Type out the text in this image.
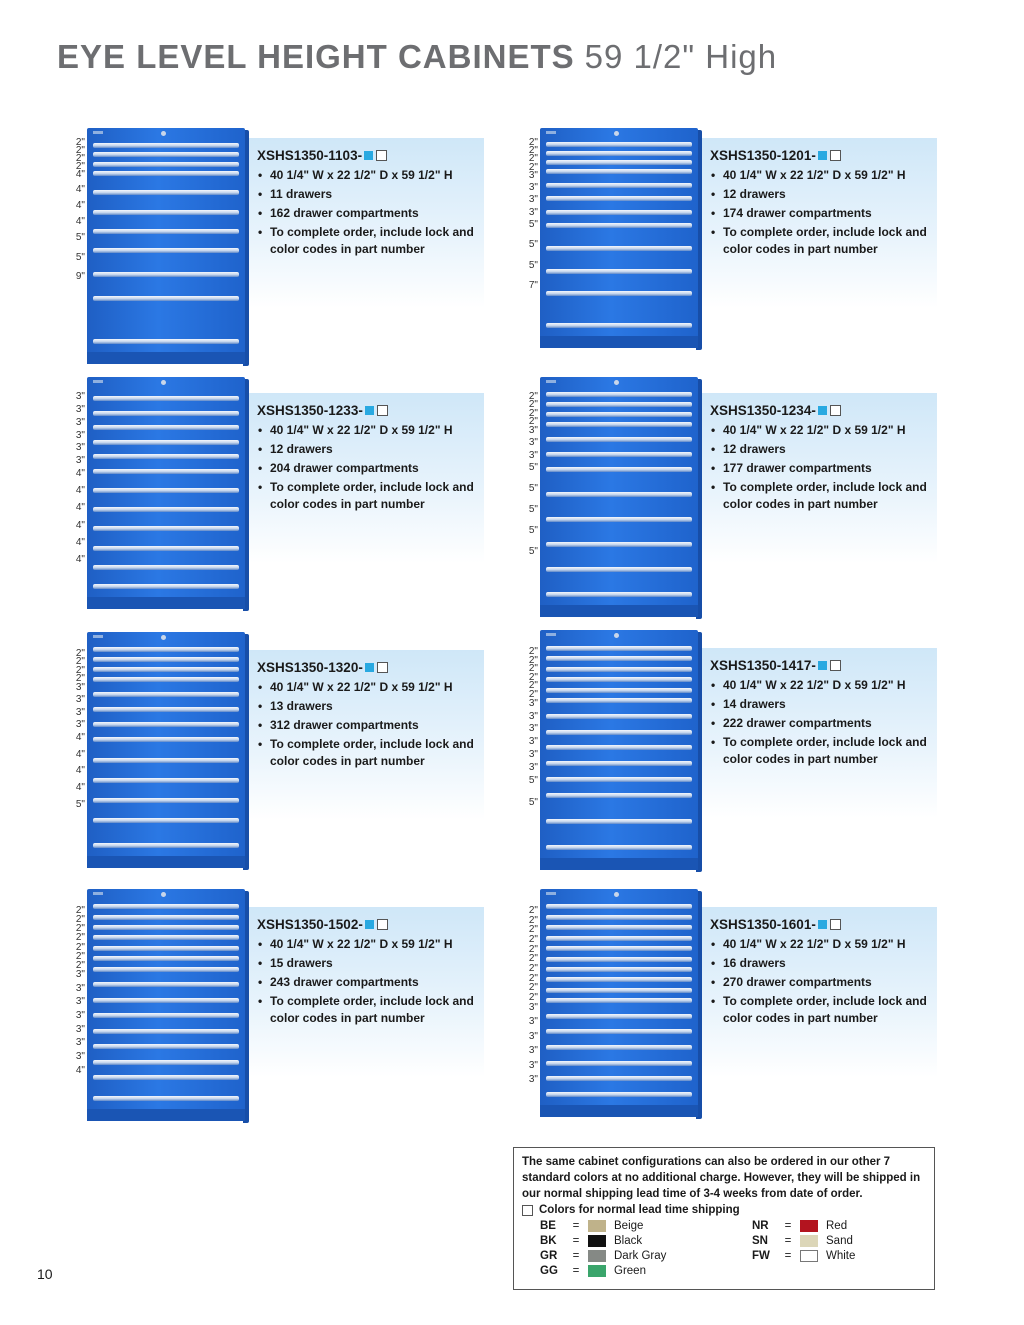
EYE LEVEL HEIGHT CABINETS 59 1/2" High
2"
2"
2"
2"
4"
4"
4"
4"
5"
5"
9"
XSHS1350-1103-
• 40 1/4" W x 22 1/2" D x 59 1/2" H
• 11 drawers
• 162 drawer compartments
• To complete order, include lock and color codes in part number
2"
2"
2"
2"
3"
3"
3"
3"
5"
5"
5"
7"
XSHS1350-1201-
• 40 1/4" W x 22 1/2" D x 59 1/2" H
• 12 drawers
• 174 drawer compartments
• To complete order, include lock and color codes in part number
3"
3"
3"
3"
3"
3"
4"
4"
4"
4"
4"
4"
XSHS1350-1233-
• 40 1/4" W x 22 1/2" D x 59 1/2" H
• 12 drawers
• 204 drawer compartments
• To complete order, include lock and color codes in part number
2"
2"
2"
2"
3"
3"
3"
5"
5"
5"
5"
5"
XSHS1350-1234-
• 40 1/4" W x 22 1/2" D x 59 1/2" H
• 12 drawers
• 177 drawer compartments
• To complete order, include lock and color codes in part number
2"
2"
2"
2"
3"
3"
3"
3"
4"
4"
4"
4"
5"
XSHS1350-1320-
• 40 1/4" W x 22 1/2" D x 59 1/2" H
• 13 drawers
• 312 drawer compartments
• To complete order, include lock and color codes in part number
2"
2"
2"
2"
2"
2"
3"
3"
3"
3"
3"
3"
5"
5"
XSHS1350-1417-
• 40 1/4" W x 22 1/2" D x 59 1/2" H
• 14 drawers
• 222 drawer compartments
• To complete order, include lock and color codes in part number
2"
2"
2"
2"
2"
2"
2"
3"
3"
3"
3"
3"
3"
3"
4"
XSHS1350-1502-
• 40 1/4" W x 22 1/2" D x 59 1/2" H
• 15 drawers
• 243 drawer compartments
• To complete order, include lock and color codes in part number
2"
2"
2"
2"
2"
2"
2"
2"
2"
2"
3"
3"
3"
3"
3"
3"
XSHS1350-1601-
• 40 1/4" W x 22 1/2" D x 59 1/2" H
• 16 drawers
• 270 drawer compartments
• To complete order, include lock and color codes in part number

The same cabinet configurations can also be ordered in our other 7 standard colors at no additional charge. However, they will be shipped in our normal shipping lead time of 3-4 weeks from date of order.

Colors for normal lead time shipping
BE	=	Beige
BK	=	Black
GR	=	Dark Gray
GG	=	Green
NR	=	Red
SN	=	Sand
FW	=	White
10
